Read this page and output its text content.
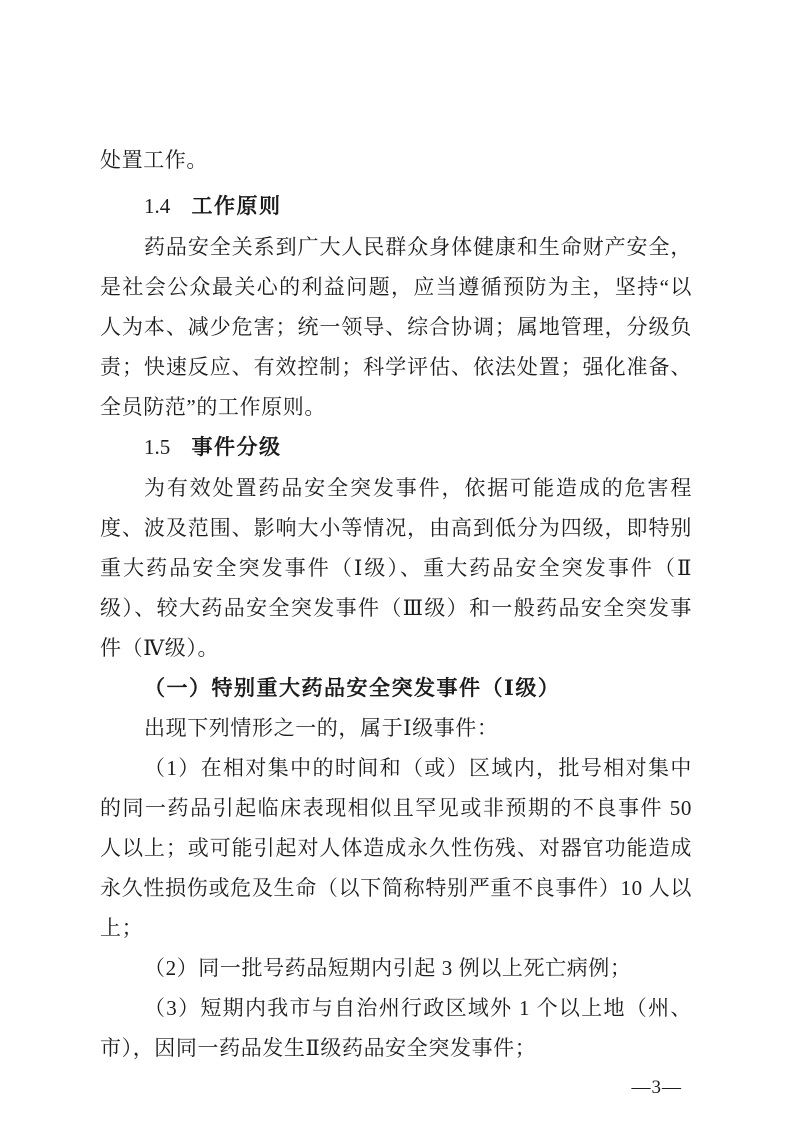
处置工作。

1.4 工作原则

药品安全关系到广大人民群众身体健康和生命财产安全，是社会公众最关心的利益问题，应当遵循预防为主，坚持“以人为本、减少危害；统一领导、综合协调；属地管理，分级负责；快速反应、有效控制；科学评估、依法处置；强化准备、全员防范”的工作原则。

1.5 事件分级

为有效处置药品安全突发事件，依据可能造成的危害程度、波及范围、影响大小等情况，由高到低分为四级，即特别重大药品安全突发事件（Ⅰ级）、重大药品安全突发事件（Ⅱ级）、较大药品安全突发事件（Ⅲ级）和一般药品安全突发事件（Ⅳ级）。

（一）特别重大药品安全突发事件（Ⅰ级）

出现下列情形之一的，属于Ⅰ级事件：

（1）在相对集中的时间和（或）区域内，批号相对集中的同一药品引起临床表现相似且罕见或非预期的不良事件 50 人以上；或可能引起对人体造成永久性伤残、对器官功能造成永久性损伤或危及生命（以下简称特别严重不良事件）10 人以上；

（2）同一批号药品短期内引起 3 例以上死亡病例；

（3）短期内我市与自治州行政区域外 1 个以上地（州、市），因同一药品发生Ⅱ级药品安全突发事件；

—3—
